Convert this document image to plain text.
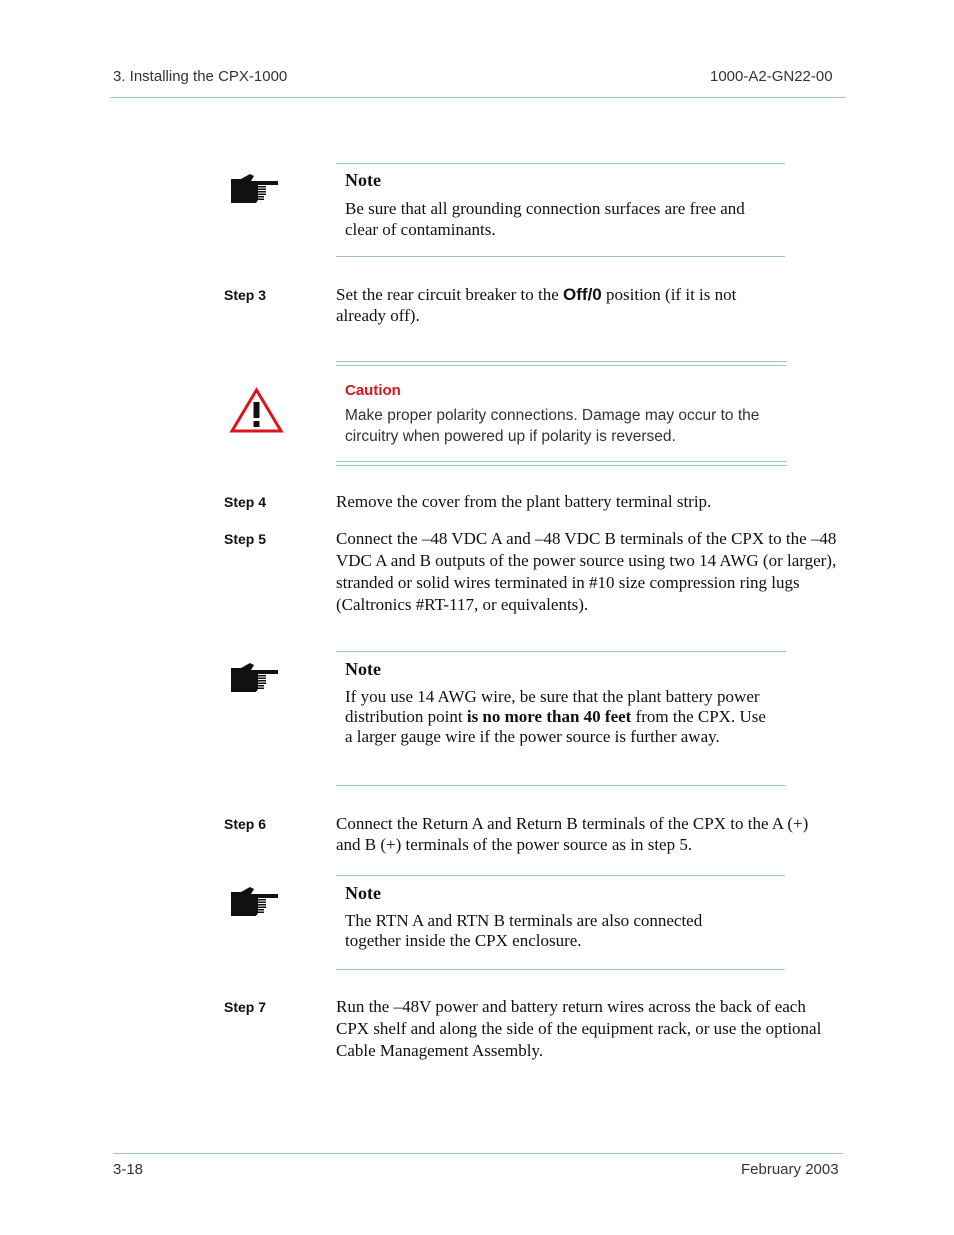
3. Installing the CPX-1000	1000-A2-GN22-00
Note
Be sure that all grounding connection surfaces are free and clear of contaminants.
Step 3	Set the rear circuit breaker to the Off/0 position (if it is not already off).
Caution
Make proper polarity connections. Damage may occur to the circuitry when powered up if polarity is reversed.
Step 4	Remove the cover from the plant battery terminal strip.
Step 5	Connect the –48 VDC A and –48 VDC B terminals of the CPX to the –48 VDC A and B outputs of the power source using two 14 AWG (or larger), stranded or solid wires terminated in #10 size compression ring lugs (Caltronics #RT-117, or equivalents).
Note
If you use 14 AWG wire, be sure that the plant battery power distribution point is no more than 40 feet from the CPX. Use a larger gauge wire if the power source is further away.
Step 6	Connect the Return A and Return B terminals of the CPX to the A (+) and B (+) terminals of the power source as in step 5.
Note
The RTN A and RTN B terminals are also connected together inside the CPX enclosure.
Step 7	Run the –48V power and battery return wires across the back of each CPX shelf and along the side of the equipment rack, or use the optional Cable Management Assembly.
3-18	February 2003
